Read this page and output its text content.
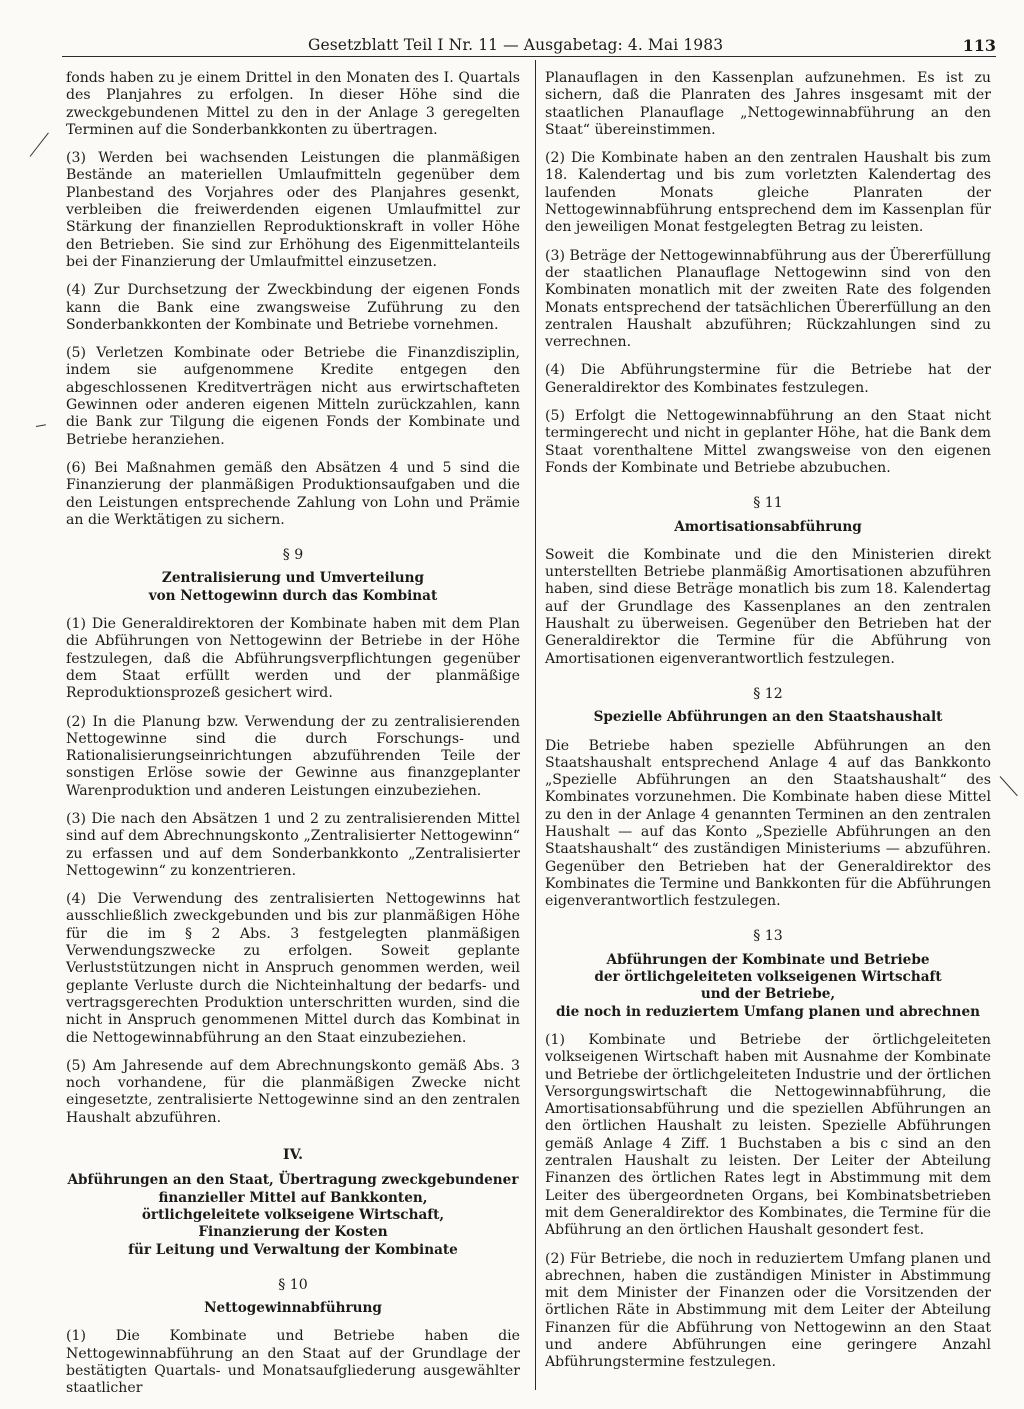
Gesetzblatt Teil I Nr. 11 — Ausgabetag: 4. Mai 1983	113

fonds haben zu je einem Drittel in den Monaten des I. Quartals des Planjahres zu erfolgen. In dieser Höhe sind die zweckgebundenen Mittel zu den in der Anlage 3 geregelten Terminen auf die Sonderbankkonten zu übertragen.

(3) Werden bei wachsenden Leistungen die planmäßigen Bestände an materiellen Umlaufmitteln gegenüber dem Planbestand des Vorjahres oder des Planjahres gesenkt, verbleiben die freiwerdenden eigenen Umlaufmittel zur Stärkung der finanziellen Reproduktionskraft in voller Höhe den Betrieben. Sie sind zur Erhöhung des Eigenmittelanteils bei der Finanzierung der Umlaufmittel einzusetzen.

(4) Zur Durchsetzung der Zweckbindung der eigenen Fonds kann die Bank eine zwangsweise Zuführung zu den Sonderbankkonten der Kombinate und Betriebe vornehmen.

(5) Verletzen Kombinate oder Betriebe die Finanzdisziplin, indem sie aufgenommene Kredite entgegen den abgeschlossenen Kreditverträgen nicht aus erwirtschafteten Gewinnen oder anderen eigenen Mitteln zurückzahlen, kann die Bank zur Tilgung die eigenen Fonds der Kombinate und Betriebe heranziehen.

(6) Bei Maßnahmen gemäß den Absätzen 4 und 5 sind die Finanzierung der planmäßigen Produktionsaufgaben und die den Leistungen entsprechende Zahlung von Lohn und Prämie an die Werktätigen zu sichern.

§ 9
Zentralisierung und Umverteilung
von Nettogewinn durch das Kombinat

(1) Die Generaldirektoren der Kombinate haben mit dem Plan die Abführungen von Nettogewinn der Betriebe in der Höhe festzulegen, daß die Abführungsverpflichtungen gegenüber dem Staat erfüllt werden und der planmäßige Reproduktionsprozeß gesichert wird.

(2) In die Planung bzw. Verwendung der zu zentralisierenden Nettogewinne sind die durch Forschungs- und Rationalisierungseinrichtungen abzuführenden Teile der sonstigen Erlöse sowie der Gewinne aus finanzgeplanter Warenproduktion und anderen Leistungen einzubeziehen.

(3) Die nach den Absätzen 1 und 2 zu zentralisierenden Mittel sind auf dem Abrechnungskonto „Zentralisierter Nettogewinn“ zu erfassen und auf dem Sonderbankkonto „Zentralisierter Nettogewinn“ zu konzentrieren.

(4) Die Verwendung des zentralisierten Nettogewinns hat ausschließlich zweckgebunden und bis zur planmäßigen Höhe für die im § 2 Abs. 3 festgelegten planmäßigen Verwendungszwecke zu erfolgen. Soweit geplante Verluststützungen nicht in Anspruch genommen werden, weil geplante Verluste durch die Nichteinhaltung der bedarfs- und vertragsgerechten Produktion unterschritten wurden, sind die nicht in Anspruch genommenen Mittel durch das Kombinat in die Nettogewinnabführung an den Staat einzubeziehen.

(5) Am Jahresende auf dem Abrechnungskonto gemäß Abs. 3 noch vorhandene, für die planmäßigen Zwecke nicht eingesetzte, zentralisierte Nettogewinne sind an den zentralen Haushalt abzuführen.

IV.
Abführungen an den Staat, Übertragung zweckgebundener
finanzieller Mittel auf Bankkonten,
örtlichgeleitete volkseigene Wirtschaft,
Finanzierung der Kosten
für Leitung und Verwaltung der Kombinate
§ 10
Nettogewinnabführung

(1) Die Kombinate und Betriebe haben die Nettogewinnabführung an den Staat auf der Grundlage der bestätigten Quartals- und Monatsaufgliederung ausgewählter staatlicher

Planauflagen in den Kassenplan aufzunehmen. Es ist zu sichern, daß die Planraten des Jahres insgesamt mit der staatlichen Planauflage „Nettogewinnabführung an den Staat“ übereinstimmen.

(2) Die Kombinate haben an den zentralen Haushalt bis zum 18. Kalendertag und bis zum vorletzten Kalendertag des laufenden Monats gleiche Planraten der Nettogewinnabführung entsprechend dem im Kassenplan für den jeweiligen Monat festgelegten Betrag zu leisten.

(3) Beträge der Nettogewinnabführung aus der Übererfüllung der staatlichen Planauflage Nettogewinn sind von den Kombinaten monatlich mit der zweiten Rate des folgenden Monats entsprechend der tatsächlichen Übererfüllung an den zentralen Haushalt abzuführen; Rückzahlungen sind zu verrechnen.

(4) Die Abführungstermine für die Betriebe hat der Generaldirektor des Kombinates festzulegen.

(5) Erfolgt die Nettogewinnabführung an den Staat nicht termingerecht und nicht in geplanter Höhe, hat die Bank dem Staat vorenthaltene Mittel zwangsweise von den eigenen Fonds der Kombinate und Betriebe abzubuchen.

§ 11
Amortisationsabführung

Soweit die Kombinate und die den Ministerien direkt unterstellten Betriebe planmäßig Amortisationen abzuführen haben, sind diese Beträge monatlich bis zum 18. Kalendertag auf der Grundlage des Kassenplanes an den zentralen Haushalt zu überweisen. Gegenüber den Betrieben hat der Generaldirektor die Termine für die Abführung von Amortisationen eigenverantwortlich festzulegen.

§ 12
Spezielle Abführungen an den Staatshaushalt

Die Betriebe haben spezielle Abführungen an den Staatshaushalt entsprechend Anlage 4 auf das Bankkonto „Spezielle Abführungen an den Staatshaushalt“ des Kombinates vorzunehmen. Die Kombinate haben diese Mittel zu den in der Anlage 4 genannten Terminen an den zentralen Haushalt — auf das Konto „Spezielle Abführungen an den Staatshaushalt“ des zuständigen Ministeriums — abzuführen. Gegenüber den Betrieben hat der Generaldirektor des Kombinates die Termine und Bankkonten für die Abführungen eigenverantwortlich festzulegen.

§ 13
Abführungen der Kombinate und Betriebe
der örtlichgeleiteten volkseigenen Wirtschaft
und der Betriebe,
die noch in reduziertem Umfang planen und abrechnen

(1) Kombinate und Betriebe der örtlichgeleiteten volkseigenen Wirtschaft haben mit Ausnahme der Kombinate und Betriebe der örtlichgeleiteten Industrie und der örtlichen Versorgungswirtschaft die Nettogewinnabführung, die Amortisationsabführung und die speziellen Abführungen an den örtlichen Haushalt zu leisten. Spezielle Abführungen gemäß Anlage 4 Ziff. 1 Buchstaben a bis c sind an den zentralen Haushalt zu leisten. Der Leiter der Abteilung Finanzen des örtlichen Rates legt in Abstimmung mit dem Leiter des übergeordneten Organs, bei Kombinatsbetrieben mit dem Generaldirektor des Kombinates, die Termine für die Abführung an den örtlichen Haushalt gesondert fest.

(2) Für Betriebe, die noch in reduziertem Umfang planen und abrechnen, haben die zuständigen Minister in Abstimmung mit dem Minister der Finanzen oder die Vorsitzenden der örtlichen Räte in Abstimmung mit dem Leiter der Abteilung Finanzen für die Abführung von Nettogewinn an den Staat und andere Abführungen eine geringere Anzahl Abführungstermine festzulegen.
